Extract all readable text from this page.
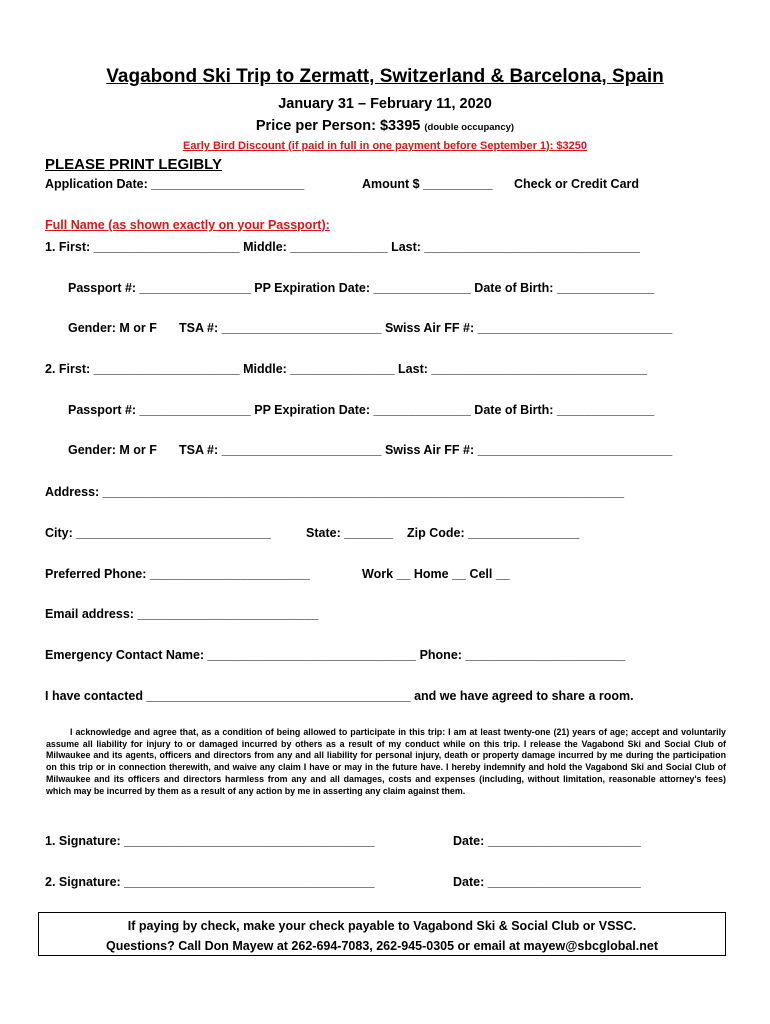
Vagabond Ski Trip to Zermatt, Switzerland & Barcelona, Spain
January 31 – February 11, 2020
Price per Person: $3395 (double occupancy)
Early Bird Discount (if paid in full in one payment before September 1): $3250
PLEASE PRINT LEGIBLY
Application Date: ______________________	Amount $ __________ Check or Credit Card
Full Name (as shown exactly on your Passport):
1. First: _____________________ Middle: ______________ Last: _______________________________
Passport #: ________________ PP Expiration Date: ______________ Date of Birth: ______________
Gender: M or F TSA #: _______________________ Swiss Air FF #: ____________________________
2. First: _____________________ Middle: _______________ Last: _______________________________
Passport #: ________________ PP Expiration Date: ______________ Date of Birth: ______________
Gender: M or F TSA #: _______________________ Swiss Air FF #: ____________________________
Address: ___________________________________________________________________________
City: ____________________________	State: _______ Zip Code: ________________
Preferred Phone: _______________________	Work __ Home __ Cell __
Email address: __________________________
Emergency Contact Name: ______________________________ Phone: _______________________
I have contacted ______________________________________ and we have agreed to share a room.
I acknowledge and agree that, as a condition of being allowed to participate in this trip: I am at least twenty-one (21) years of age; accept and voluntarily assume all liability for injury to or damaged incurred by others as a result of my conduct while on this trip. I release the Vagabond Ski and Social Club of Milwaukee and its agents, officers and directors from any and all liability for personal injury, death or property damage incurred by me during the participation on this trip or in connection therewith, and waive any claim I have or may in the future have. I hereby indemnify and hold the Vagabond Ski and Social Club of Milwaukee and its officers and directors harmless from any and all damages, costs and expenses (including, without limitation, reasonable attorney's fees) which may be incurred by them as a result of any action by me in asserting any claim against them.
1. Signature: ____________________________________	Date: ______________________
2. Signature: ____________________________________	Date: ______________________
If paying by check, make your check payable to Vagabond Ski & Social Club or VSSC.
Questions? Call Don Mayew at 262-694-7083, 262-945-0305 or email at mayew@sbcglobal.net
